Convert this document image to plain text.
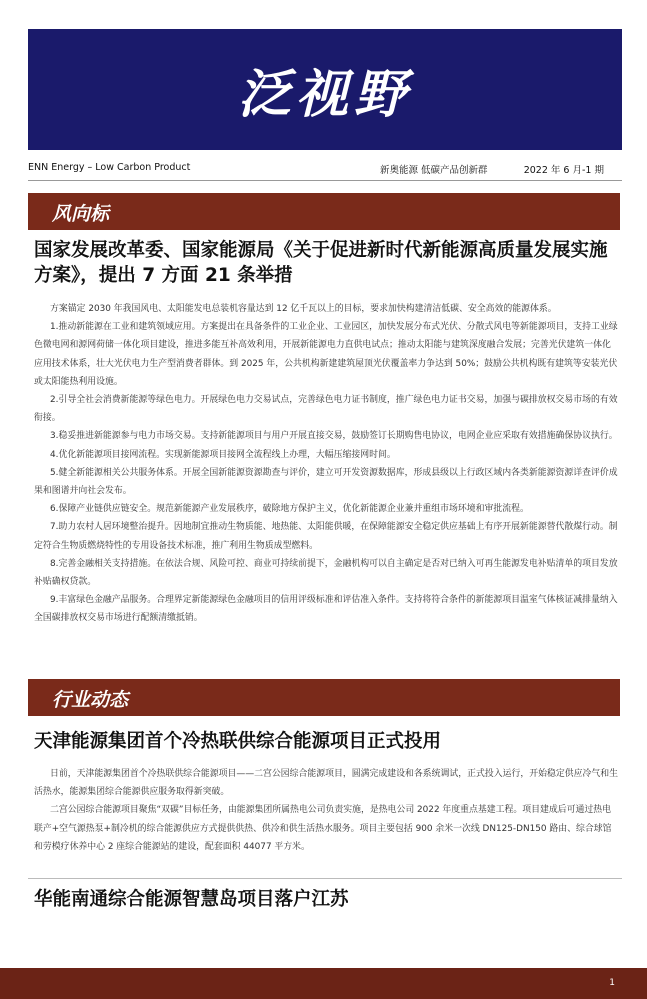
泛视野
ENN Energy – Low Carbon Product	新奥能源 低碳产品创新群	2022 年 6 月-1 期
风向标
国家发展改革委、国家能源局《关于促进新时代新能源高质量发展实施方案》，提出 7 方面 21 条举措

方案锚定 2030 年我国风电、太阳能发电总装机容量达到 12 亿千瓦以上的目标，要求加快构建清洁低碳、安全高效的能源体系。

1.推动新能源在工业和建筑领域应用。方案提出在具备条件的工业企业、工业园区，加快发展分布式光伏、分散式风电等新能源项目，支持工业绿色微电网和源网荷储一体化项目建设，推进多能互补高效利用，开展新能源电力直供电试点；推动太阳能与建筑深度融合发展；完善光伏建筑一体化应用技术体系，壮大光伏电力生产型消费者群体。到 2025 年，公共机构新建建筑屋顶光伏覆盖率力争达到 50%；鼓励公共机构既有建筑等安装光伏或太阳能热利用设施。

2.引导全社会消费新能源等绿色电力。开展绿色电力交易试点，完善绿色电力证书制度，推广绿色电力证书交易，加强与碳排放权交易市场的有效衔接。

3.稳妥推进新能源参与电力市场交易。支持新能源项目与用户开展直接交易，鼓励签订长期购售电协议，电网企业应采取有效措施确保协议执行。

4.优化新能源项目接网流程。实现新能源项目接网全流程线上办理，大幅压缩接网时间。

5.健全新能源相关公共服务体系。开展全国新能源资源勘查与评价，建立可开发资源数据库，形成县级以上行政区域内各类新能源资源详查评价成果和图谱并向社会发布。

6.保障产业链供应链安全。规范新能源产业发展秩序，破除地方保护主义，优化新能源企业兼并重组市场环境和审批流程。

7.助力农村人居环境整治提升。因地制宜推动生物质能、地热能、太阳能供暖，在保障能源安全稳定供应基础上有序开展新能源替代散煤行动。制定符合生物质燃烧特性的专用设备技术标准，推广利用生物质成型燃料。

8.完善金融相关支持措施。在依法合规、风险可控、商业可持续前提下，金融机构可以自主确定是否对已纳入可再生能源发电补贴清单的项目发放补贴确权贷款。

9.丰富绿色金融产品服务。合理界定新能源绿色金融项目的信用评级标准和评估准入条件。支持将符合条件的新能源项目温室气体核证减排量纳入全国碳排放权交易市场进行配额清缴抵销。

行业动态
天津能源集团首个冷热联供综合能源项目正式投用

日前，天津能源集团首个冷热联供综合能源项目——二宫公园综合能源项目，圆满完成建设和各系统调试，正式投入运行，开始稳定供应冷气和生活热水，能源集团综合能源供应服务取得新突破。

二宫公园综合能源项目聚焦“双碳”目标任务，由能源集团所属热电公司负责实施，是热电公司 2022 年度重点基建工程。项目建成后可通过热电联产+空气源热泵+制冷机的综合能源供应方式提供供热、供冷和供生活热水服务。项目主要包括 900 余米一次线 DN125-DN150 路由、综合球馆和劳模疗休养中心 2 座综合能源站的建设，配套面积 44077 平方米。

华能南通综合能源智慧岛项目落户江苏
1
